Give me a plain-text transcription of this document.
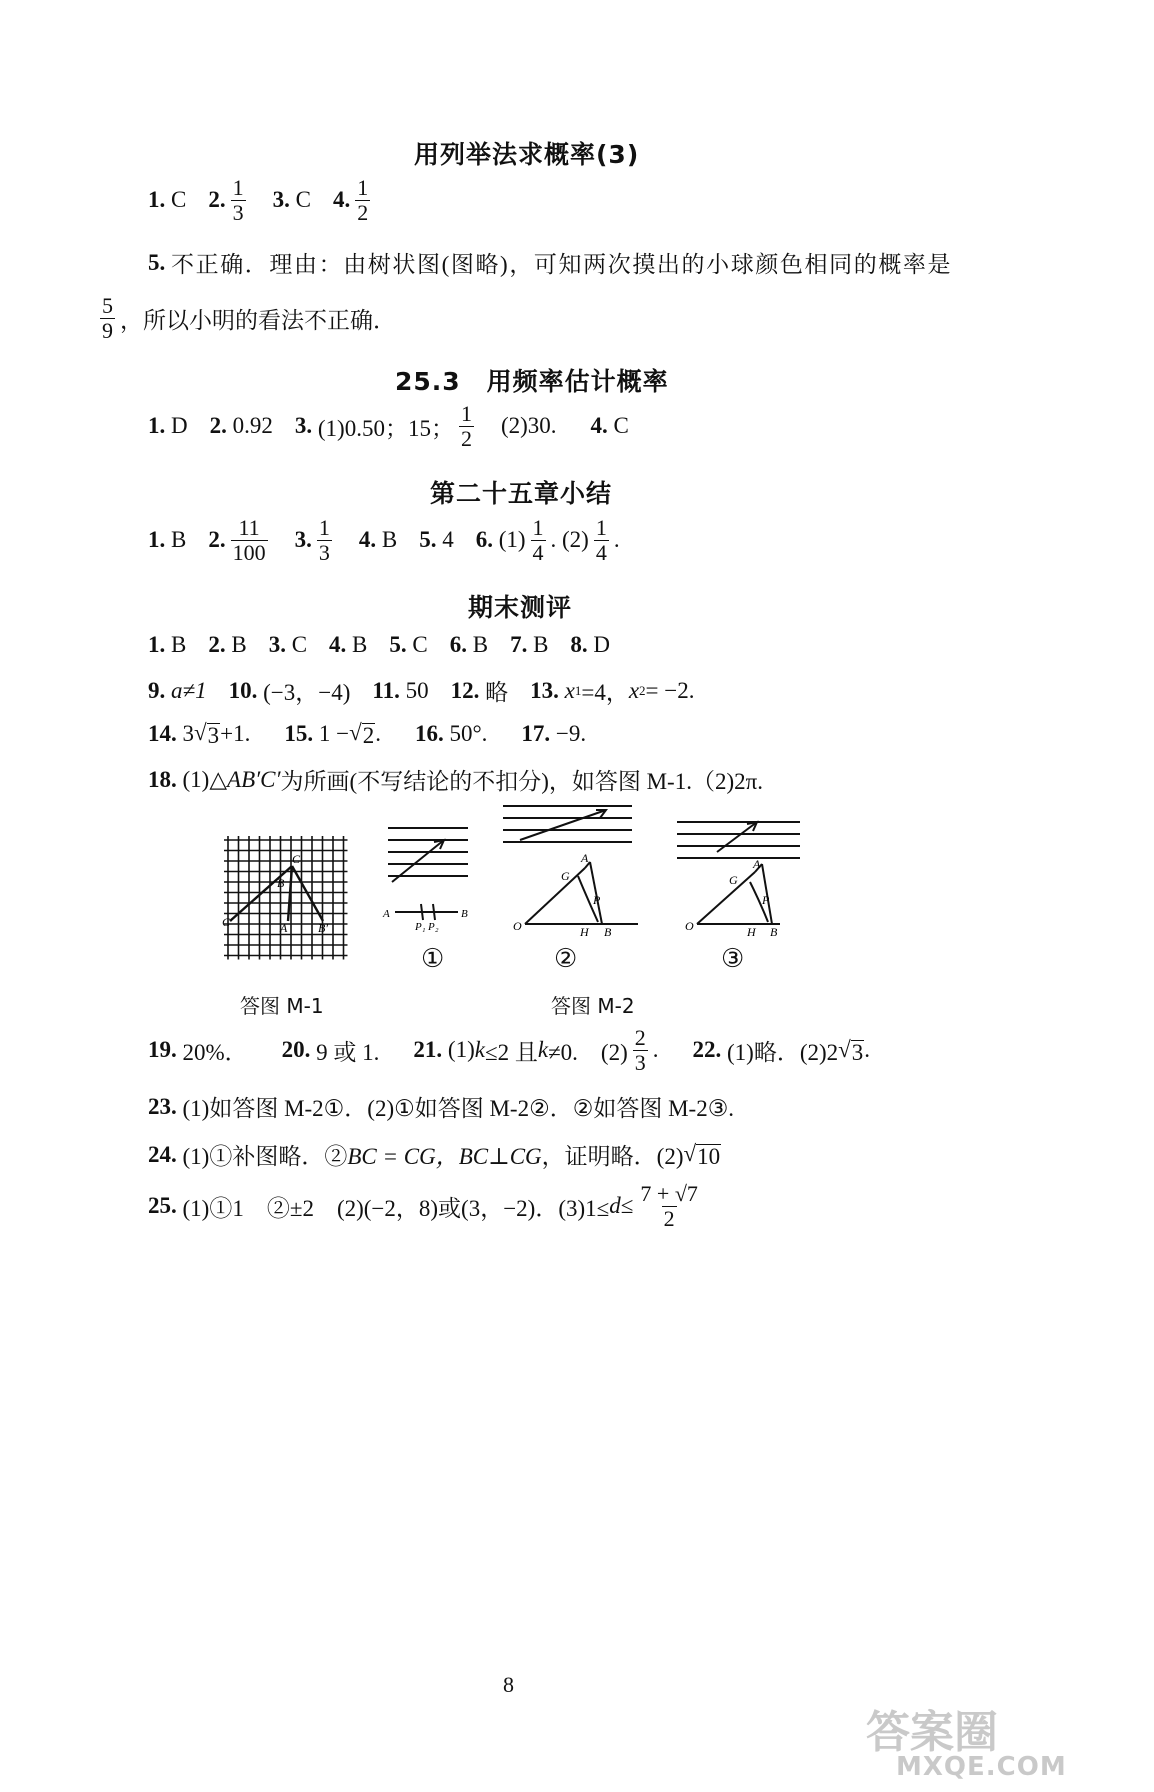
用列举法求概率(3)
1.
C 2. $\frac{1}{3} 3$.
C 4. $\frac{1}{2}$
5.
不正确．理由：由树状图(图略)，可知两次摸出的小球颜色相同的概率是
$\frac{5}{9}$ ，所以小明的看法不正确．
25.3　用频率估计概率
1.
D 2.
0.92 3.
(1)0.50；15； $\frac{1}{2} (2)30$. 4.
C
第二十五章小结
1.
B 2. $\frac{11}{100} 3$. $\frac{1}{3} 4$.
B 5.
4 6.
$(1) \frac{1}{4}$ . $(2) \frac{1}{4}$ .
期末测评
1.
B 2.
B 3.
C 4.
B 5.
C 6.
B 7.
B 8.
D
9.
a≠1 10.
(−3，−4) 11.
50 12.
略 13.
x 1 =4， x 2 = −2.
14.
3 √ 3 +1. 15.
1 − √ 2 . 16.
50°. 17.
−9.
18.
(1)△ AB′C′ 为所画(不写结论的不扣分)，如答图 M-1.（2)2π.
C
B
C′	A	B′
A	B
P₁ P₂	O
A
G
P
H B	O
A
G
P
H B
①	②	③
答图 M-1	答图 M-2
19.
20%． 20.
9 或 1. 21.
(1) k ≤2 且 k ≠0.　$(2) \frac{2}{3}$ . 22.
(1)略．(2)2 √ 3 .
23.
(1)如答图 M-2①．(2)①如答图 M-2②．②如答图 M-2③.
24.
(1)①补图略．② BC = CG，BC⊥CG ，证明略．(2) √ 10
25.
(1)①1　②±2　(2)(−2，8)或(3，−2)．$(3)1\le d \le \frac{7 + √7}{2}$
8
答案圈
MXQE.COM
